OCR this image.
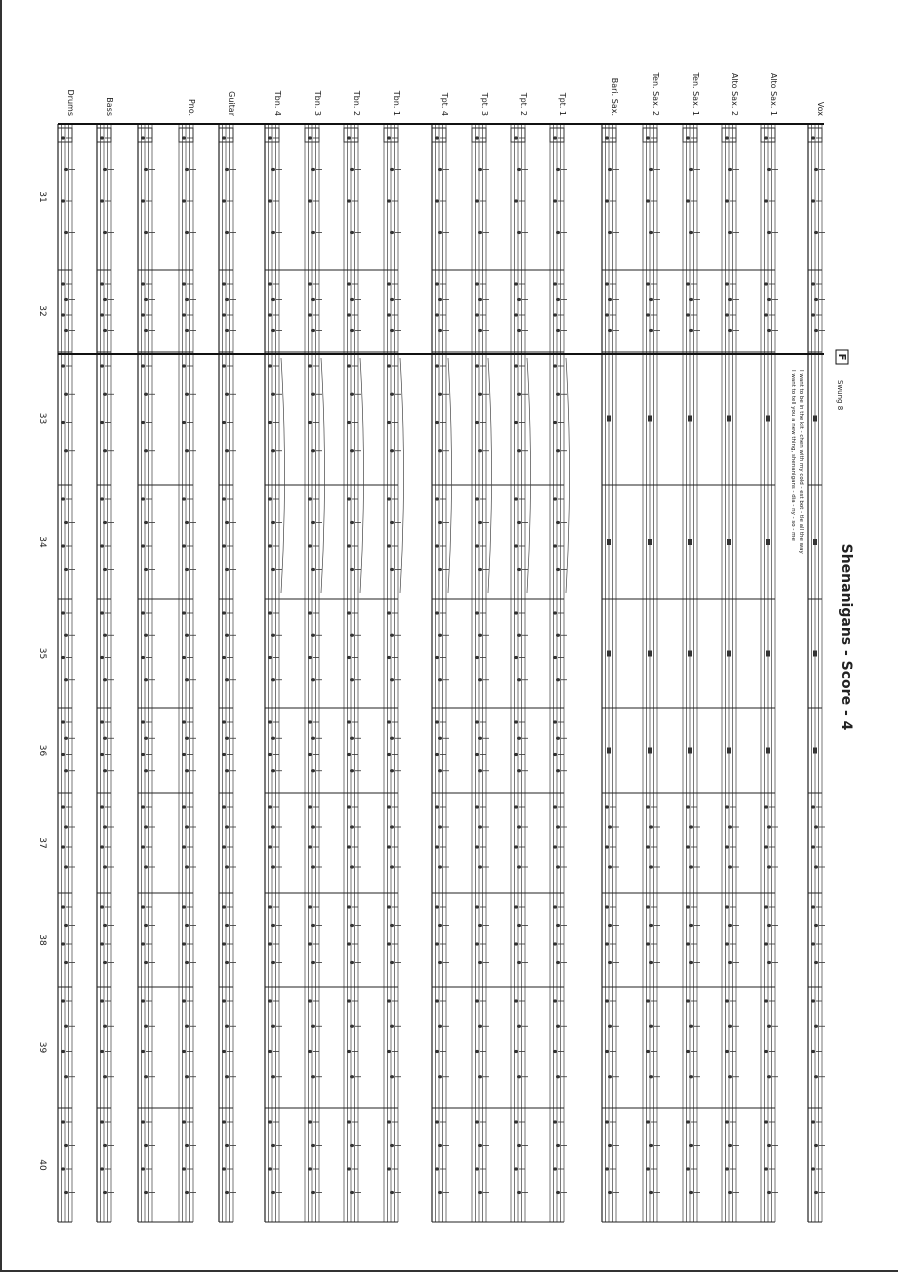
Vox
Alto Sax. 1
Alto Sax. 2
Ten. Sax. 1
Ten. Sax. 2
Bari. Sax.
Tpt. 1
Tpt. 2
Tpt. 3
Tpt. 4
Tbn. 1
Tbn. 2
Tbn. 3
Tbn. 4
Guitar
Pno.
Bass
Drums
31
32
33
34
35
36
37
38
39
40
Shenanigans - Score - 4
F
Swung 8
I want to be in the kit - chen with my cold - est bot - tle all the way
I want to tell you a new thing, shenanigans - dia - ny - so - me
